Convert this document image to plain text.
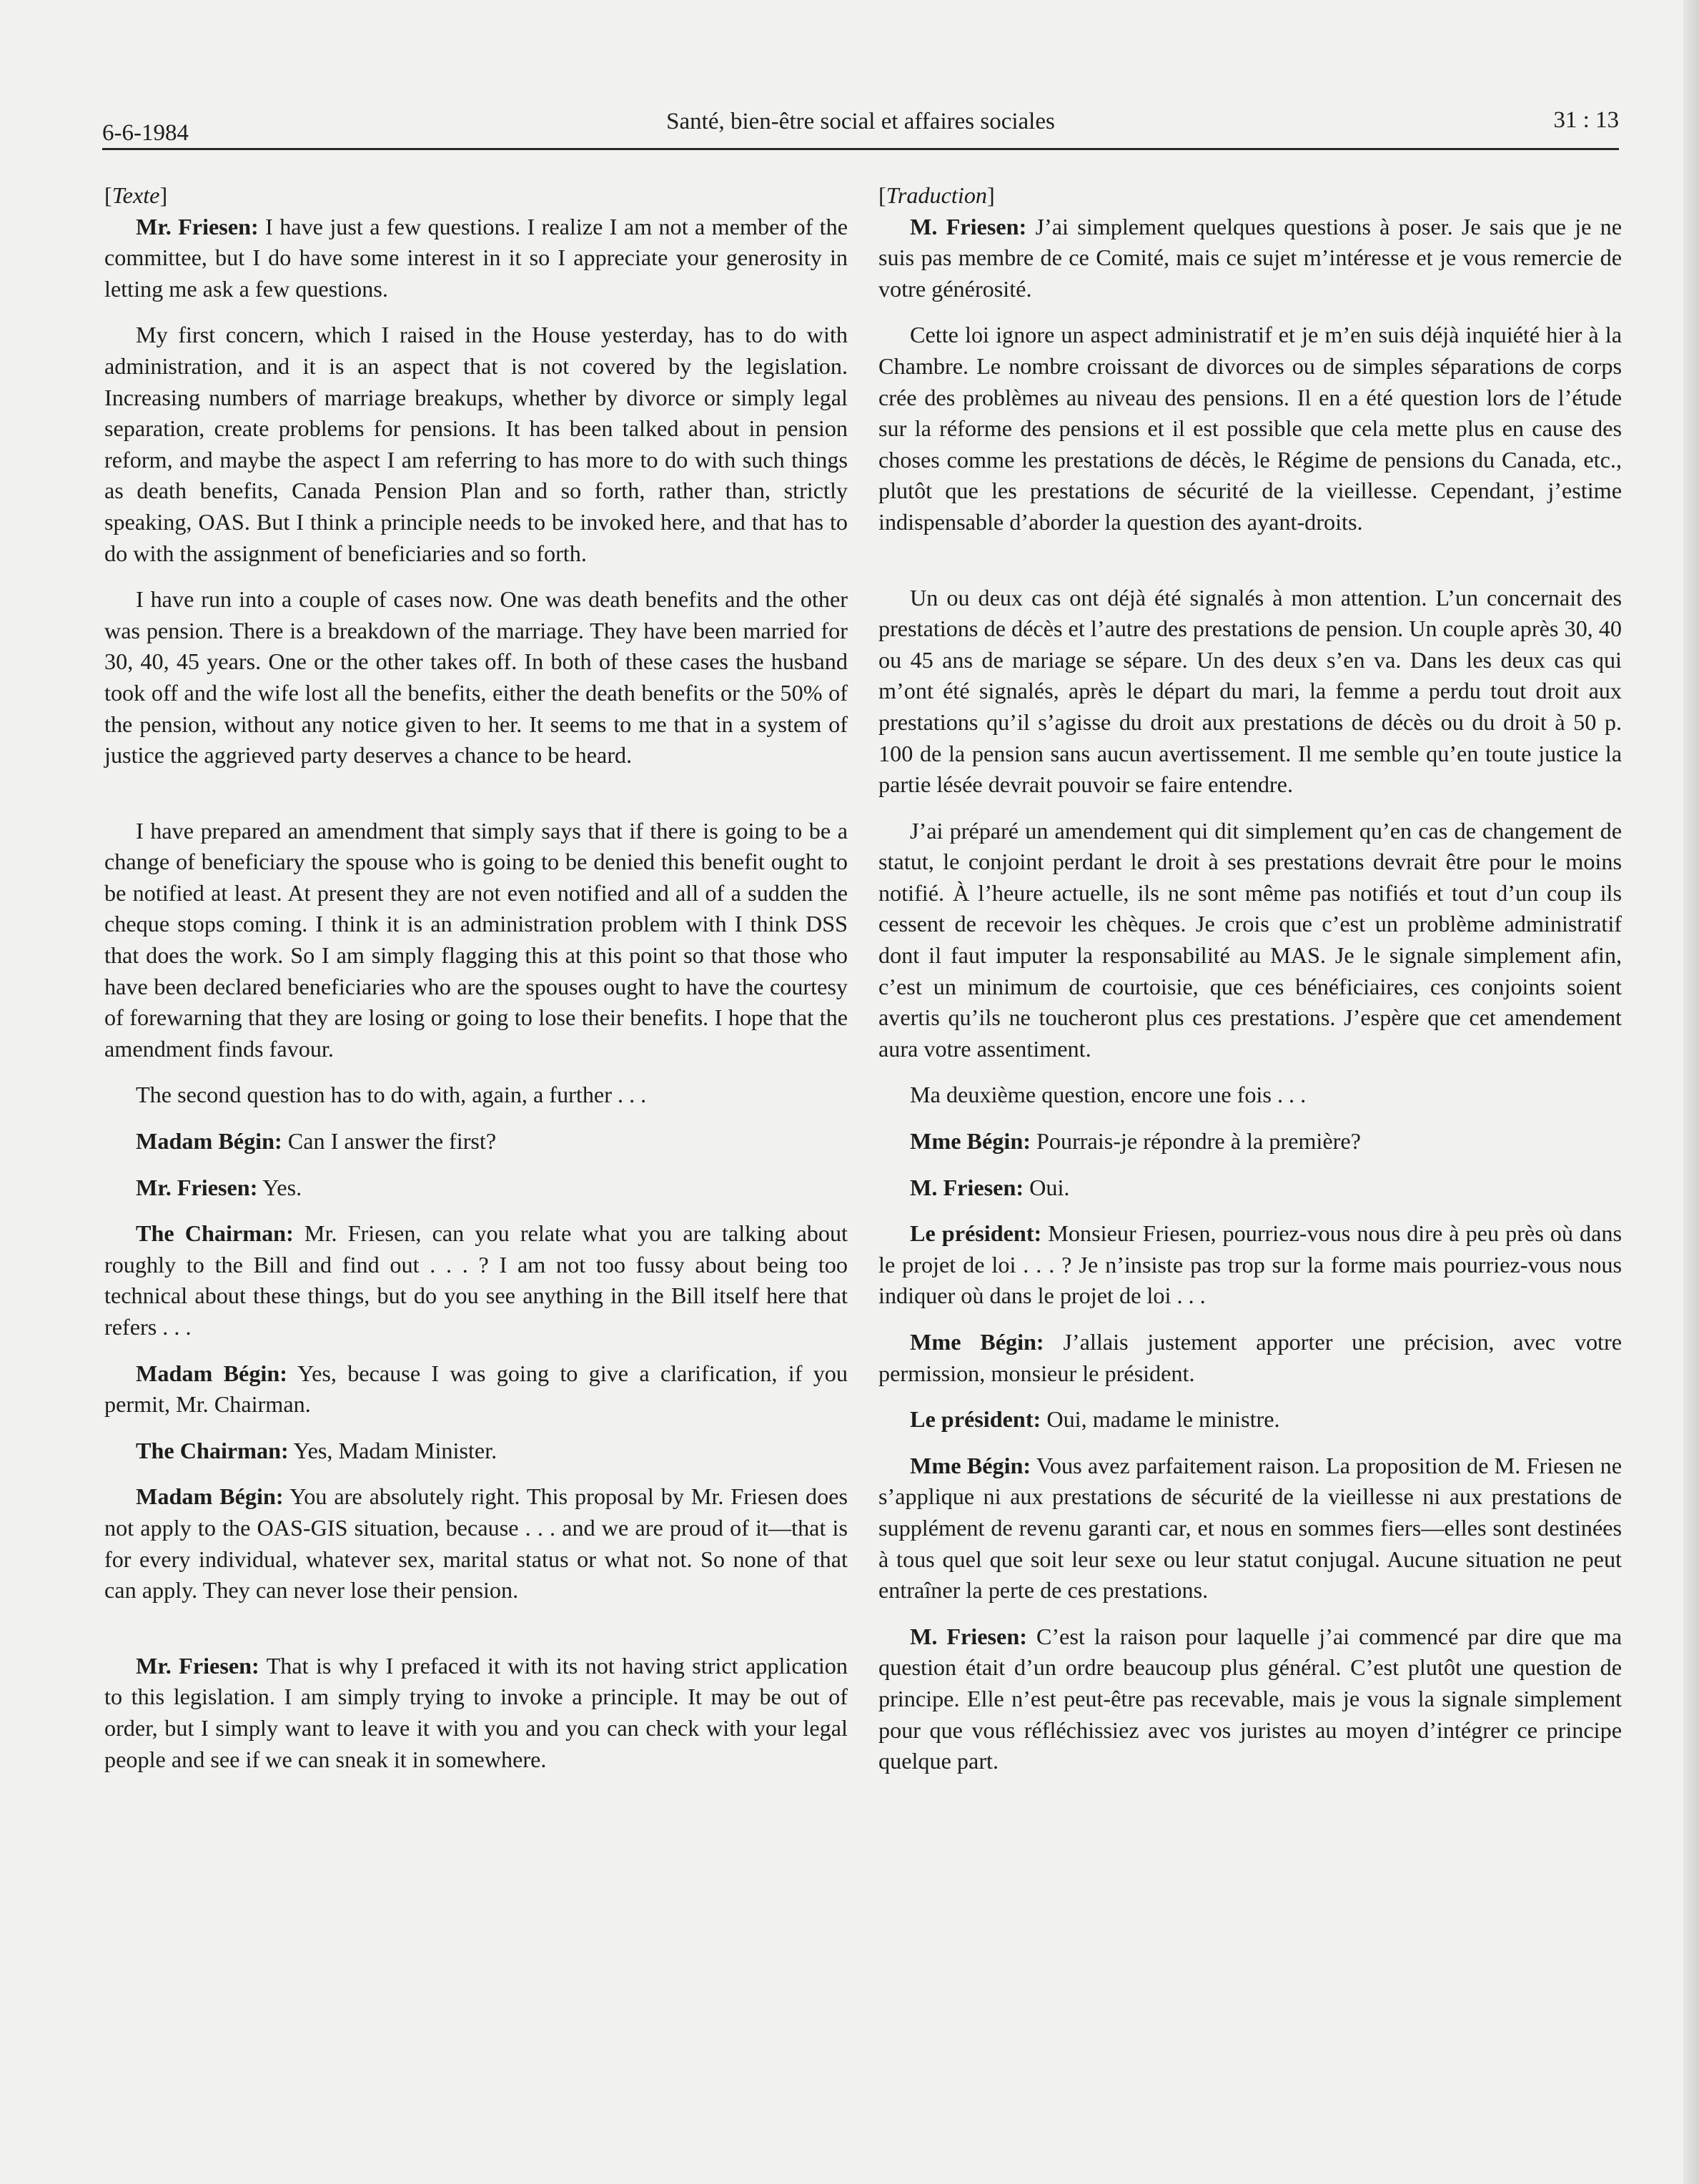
6-6-1984	Santé, bien-être social et affaires sociales	31 : 13

[Texte]

Mr. Friesen: I have just a few questions. I realize I am not a member of the committee, but I do have some interest in it so I appreciate your generosity in letting me ask a few questions.

My first concern, which I raised in the House yesterday, has to do with administration, and it is an aspect that is not covered by the legislation. Increasing numbers of marriage breakups, whether by divorce or simply legal separation, create problems for pensions. It has been talked about in pension reform, and maybe the aspect I am referring to has more to do with such things as death benefits, Canada Pension Plan and so forth, rather than, strictly speaking, OAS. But I think a principle needs to be invoked here, and that has to do with the assignment of beneficiaries and so forth.

I have run into a couple of cases now. One was death benefits and the other was pension. There is a breakdown of the marriage. They have been married for 30, 40, 45 years. One or the other takes off. In both of these cases the husband took off and the wife lost all the benefits, either the death benefits or the 50% of the pension, without any notice given to her. It seems to me that in a system of justice the aggrieved party deserves a chance to be heard.

I have prepared an amendment that simply says that if there is going to be a change of beneficiary the spouse who is going to be denied this benefit ought to be notified at least. At present they are not even notified and all of a sudden the cheque stops coming. I think it is an administration problem with I think DSS that does the work. So I am simply flagging this at this point so that those who have been declared beneficiaries who are the spouses ought to have the courtesy of forewarning that they are losing or going to lose their benefits. I hope that the amendment finds favour.

The second question has to do with, again, a further . . .

Madam Bégin: Can I answer the first?

Mr. Friesen: Yes.

The Chairman: Mr. Friesen, can you relate what you are talking about roughly to the Bill and find out . . . ? I am not too fussy about being too technical about these things, but do you see anything in the Bill itself here that refers . . .

Madam Bégin: Yes, because I was going to give a clarification, if you permit, Mr. Chairman.

The Chairman: Yes, Madam Minister.

Madam Bégin: You are absolutely right. This proposal by Mr. Friesen does not apply to the OAS-GIS situation, because . . . and we are proud of it—that is for every individual, whatever sex, marital status or what not. So none of that can apply. They can never lose their pension.

Mr. Friesen: That is why I prefaced it with its not having strict application to this legislation. I am simply trying to invoke a principle. It may be out of order, but I simply want to leave it with you and you can check with your legal people and see if we can sneak it in somewhere.

[Traduction]

M. Friesen: J’ai simplement quelques questions à poser. Je sais que je ne suis pas membre de ce Comité, mais ce sujet m’intéresse et je vous remercie de votre générosité.

Cette loi ignore un aspect administratif et je m’en suis déjà inquiété hier à la Chambre. Le nombre croissant de divorces ou de simples séparations de corps crée des problèmes au niveau des pensions. Il en a été question lors de l’étude sur la réforme des pensions et il est possible que cela mette plus en cause des choses comme les prestations de décès, le Régime de pensions du Canada, etc., plutôt que les prestations de sécurité de la vieillesse. Cependant, j’estime indispensable d’aborder la question des ayant-droits.

Un ou deux cas ont déjà été signalés à mon attention. L’un concernait des prestations de décès et l’autre des prestations de pension. Un couple après 30, 40 ou 45 ans de mariage se sépare. Un des deux s’en va. Dans les deux cas qui m’ont été signalés, après le départ du mari, la femme a perdu tout droit aux prestations qu’il s’agisse du droit aux prestations de décès ou du droit à 50 p. 100 de la pension sans aucun avertissement. Il me semble qu’en toute justice la partie lésée devrait pouvoir se faire entendre.

J’ai préparé un amendement qui dit simplement qu’en cas de changement de statut, le conjoint perdant le droit à ses prestations devrait être pour le moins notifié. À l’heure actuelle, ils ne sont même pas notifiés et tout d’un coup ils cessent de recevoir les chèques. Je crois que c’est un problème administratif dont il faut imputer la responsabilité au MAS. Je le signale simplement afin, c’est un minimum de courtoisie, que ces bénéficiaires, ces conjoints soient avertis qu’ils ne toucheront plus ces prestations. J’espère que cet amendement aura votre assentiment.

Ma deuxième question, encore une fois . . .

Mme Bégin: Pourrais-je répondre à la première?

M. Friesen: Oui.

Le président: Monsieur Friesen, pourriez-vous nous dire à peu près où dans le projet de loi . . . ? Je n’insiste pas trop sur la forme mais pourriez-vous nous indiquer où dans le projet de loi . . .

Mme Bégin: J’allais justement apporter une précision, avec votre permission, monsieur le président.

Le président: Oui, madame le ministre.

Mme Bégin: Vous avez parfaitement raison. La proposition de M. Friesen ne s’applique ni aux prestations de sécurité de la vieillesse ni aux prestations de supplément de revenu garanti car, et nous en sommes fiers—elles sont destinées à tous quel que soit leur sexe ou leur statut conjugal. Aucune situation ne peut entraîner la perte de ces prestations.

M. Friesen: C’est la raison pour laquelle j’ai commencé par dire que ma question était d’un ordre beaucoup plus général. C’est plutôt une question de principe. Elle n’est peut-être pas recevable, mais je vous la signale simplement pour que vous réfléchissiez avec vos juristes au moyen d’intégrer ce principe quelque part.
